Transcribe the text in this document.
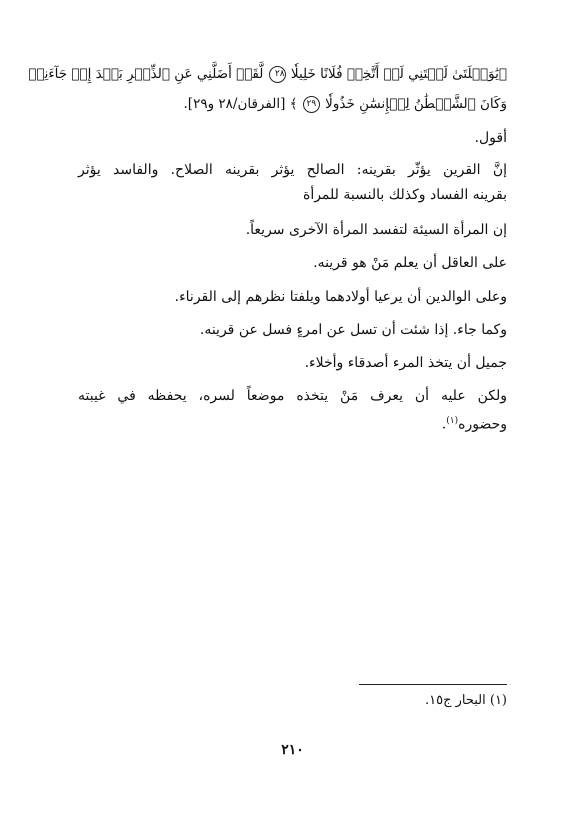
﴿يَٰوَيۡلَتَىٰ لَيۡتَنِي لَمۡ أَتَّخِذۡ فُلَانًا خَلِيلٗا ٢٨ لَّقَدۡ أَضَلَّنِي عَنِ ٱلذِّكۡرِ بَعۡدَ إِذۡ جَآءَنِيۗ
وَكَانَ ٱلشَّيۡطَٰنُ لِلۡإِنسَٰنِ خَذُولٗا ٢٩ ﴾ [الفرقان/٢٨ و٢٩].
أقول.
إنَّ القرين يؤثّر بقرينه: الصالح يؤثر بقرينه الصلاح. والفاسد يؤثر
بقرينه الفساد وكذلك بالنسبة للمرأة
إن المرأة السيئة لتفسد المرأة الآخرى سريعاً.
على العاقل أن يعلم مَنْ هو قرينه.
وعلى الوالدين أن يرعيا أولادهما ويلفتا نظرهم إلى القرناء.
وكما جاء. إذا شئت أن تسل عن امرءٍ فسل عن قرينه.
جميل أن يتخذ المرء أصدقاء وأخلاء.
ولكن عليه أن يعرف مَنْ يتخذه موضعاً لسره، يحفظه في غيبته
وحضوره$^{(١)}$.
(١) البحار ج١٥.
٢١٠
